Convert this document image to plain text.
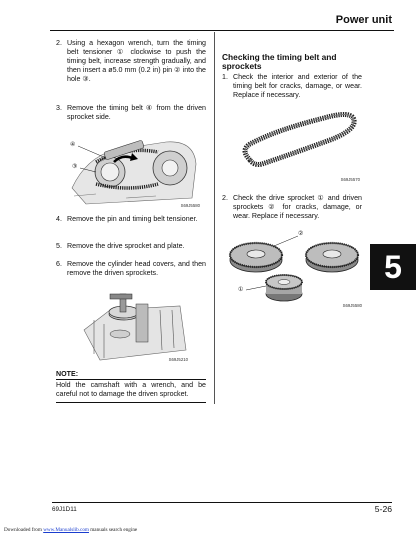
Power unit
2. Using a hexagon wrench, turn the timing belt tensioner ① clockwise to push the timing belt, increase strength gradually, and then insert a ø5.0 mm (0.2 in) pin ② into the hole ③.
3. Remove the timing belt ④ from the driven sprocket side.
④
③
S69J5580
4. Remove the pin and timing belt tensioner.
5. Remove the drive sprocket and plate.
6. Remove the cylinder head covers, and then remove the driven sprockets.
S69J5210
NOTE:
Hold the camshaft with a wrench, and be careful not to damage the driven sprocket.
Checking the timing belt and sprockets
1. Check the interior and exterior of the timing belt for cracks, damage, or wear. Replace if necessary.
S69J5570
2. Check the drive sprocket ① and driven sprockets ② for cracks, damage, or wear. Replace if necessary.
②
①
S69J5580
5
69J1D11	5-26
Downloaded from www.Manualslib.com manuals search engine
